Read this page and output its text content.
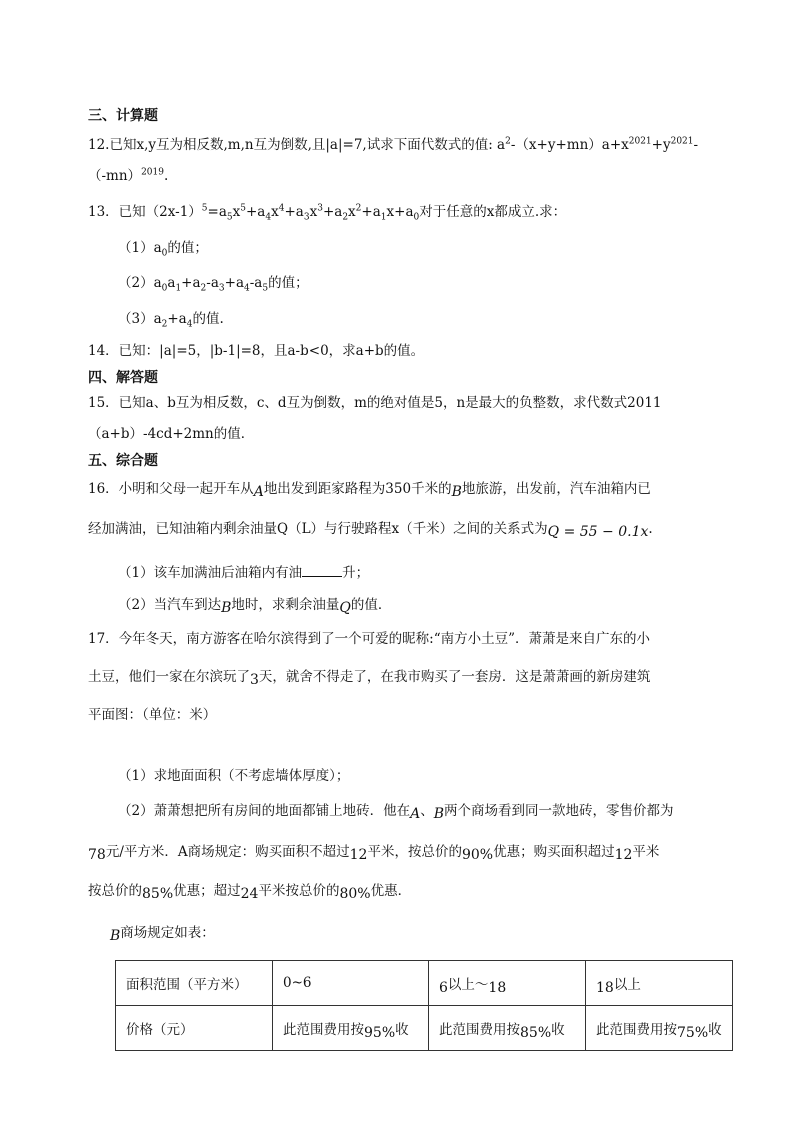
三、计算题
12.已知x,y互为相反数,m,n互为倒数,且|a|=7,试求下面代数式的值: $a^2-(x+y+mn)a+x^{2021}+y^{2021}-$
$(-mn)^{2019}$.
13．已知$(2x-1)^5=a_5x^5+a_4x^4+a_3x^3+a_2x^2+a_1x+a_0$对于任意的x都成立.求：
$(1)a_0$的值；
$(2)a_0a_1+a_2-a_3+a_4-a_5$的值；
$(3)a_2+a_4$的值.
14．已知：|a|=5，|b-1|=8，且a-b<0，求a+b的值。
四、解答题
15．已知a、b互为相反数，c、d互为倒数，m的绝对值是5，n是最大的负整数，求代数式2011
（a+b）-4cd+2mn的值．
五、综合题
16．小明和父母一起开车从A地出发到距家路程为350千米的B地旅游，出发前，汽车油箱内已
经加满油，已知油箱内剩余油量Q（L）与行驶路程x（千米）之间的关系式为Q = 55 − 0.1x.
（1）该车加满油后油箱内有油	升；
（2）当汽车到达B地时，求剩余油量Q的值．
17．今年冬天，南方游客在哈尔滨得到了一个可爱的昵称:“南方小土豆”．萧萧是来自广东的小
土豆，他们一家在尔滨玩了3天，就舍不得走了，在我市购买了一套房．这是萧萧画的新房建筑
平面图：（单位：米）
（1）求地面面积（不考虑墙体厚度）；
（2）萧萧想把所有房间的地面都铺上地砖．他在A、B两个商场看到同一款地砖，零售价都为
78元/平方米．A商场规定：购买面积不超过12平米，按总价的90%优惠；购买面积超过12平米
按总价的85%优惠；超过24平米按总价的80%优惠．
B商场规定如表：
面积范围（平方米）	0~6	6以上～18	18以上
价格（元）	此范围费用按95%收	此范围费用按85%收	此范围费用按75%收
